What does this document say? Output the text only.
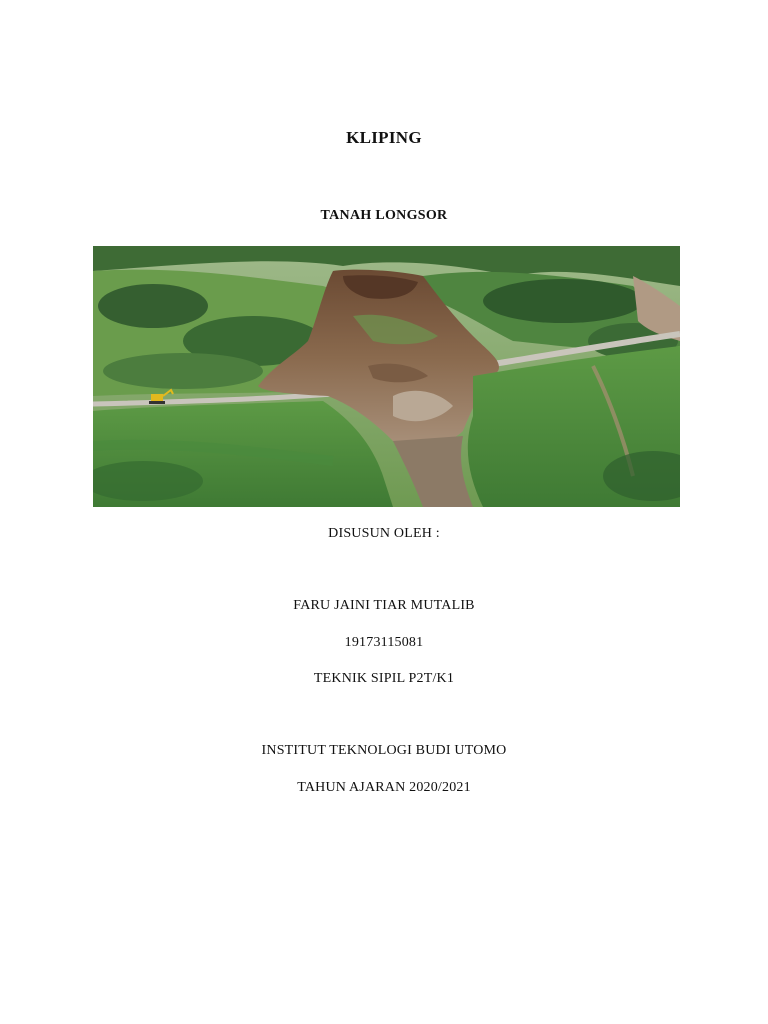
KLIPING
TANAH LONGSOR
DISUSUN OLEH :
FARU JAINI TIAR MUTALIB
19173115081
TEKNIK SIPIL P2T/K1
INSTITUT TEKNOLOGI BUDI UTOMO
TAHUN AJARAN 2020/2021
